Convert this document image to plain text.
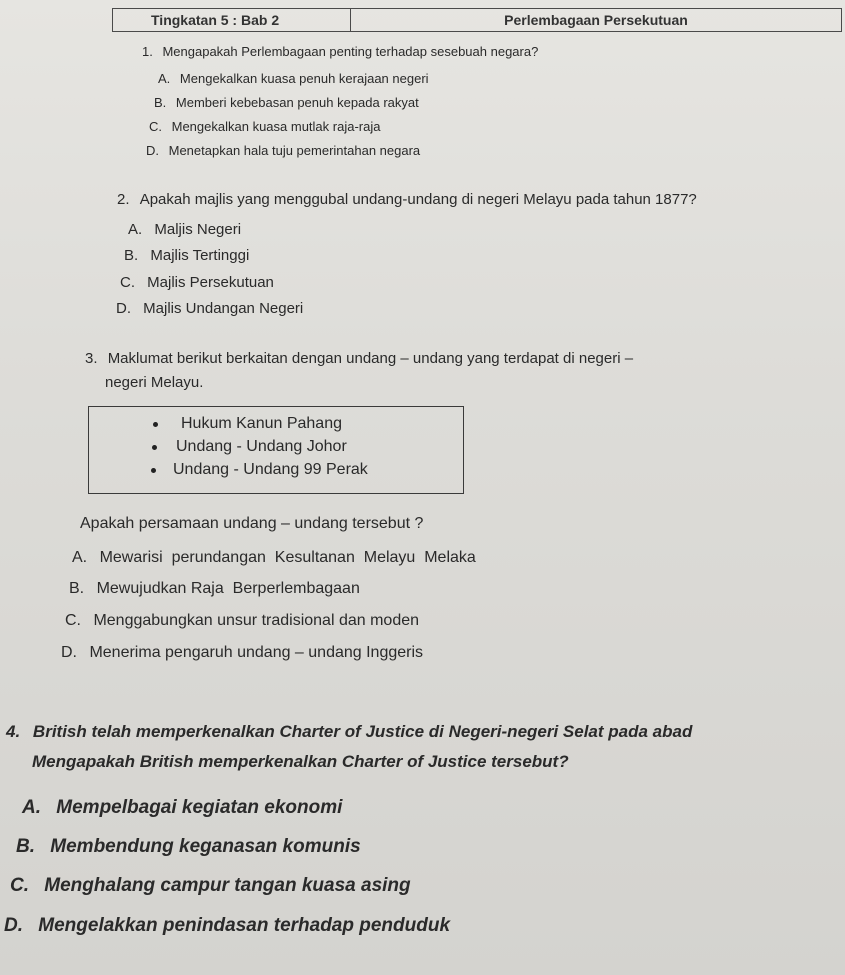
Tingkatan 5 : Bab 2	Perlembagaan Persekutuan
1. Mengapakah Perlembagaan penting terhadap sesebuah negara?
A. Mengekalkan kuasa penuh kerajaan negeri
B. Memberi kebebasan penuh kepada rakyat
C. Mengekalkan kuasa mutlak raja-raja
D. Menetapkan hala tuju pemerintahan negara
2. Apakah majlis yang menggubal undang-undang di negeri Melayu pada tahun 1877?
A. Maljis Negeri
B. Majlis Tertinggi
C. Majlis Persekutuan
D. Majlis Undangan Negeri
3. Maklumat berikut berkaitan dengan undang – undang yang terdapat di negeri –
negeri Melayu.
Hukum Kanun Pahang
Undang - Undang Johor
Undang - Undang 99 Perak
Apakah persamaan undang – undang tersebut ?
A. Mewarisi  perundangan  Kesultanan  Melayu  Melaka
B. Mewujudkan Raja  Berperlembagaan
C. Menggabungkan unsur tradisional dan moden
D. Menerima pengaruh undang – undang Inggeris
4. British telah memperkenalkan Charter of Justice di Negeri-negeri Selat pada abad
Mengapakah British memperkenalkan Charter of Justice tersebut?
A. Mempelbagai kegiatan ekonomi
B. Membendung keganasan komunis
C. Menghalang campur tangan kuasa asing
D. Mengelakkan penindasan terhadap penduduk
